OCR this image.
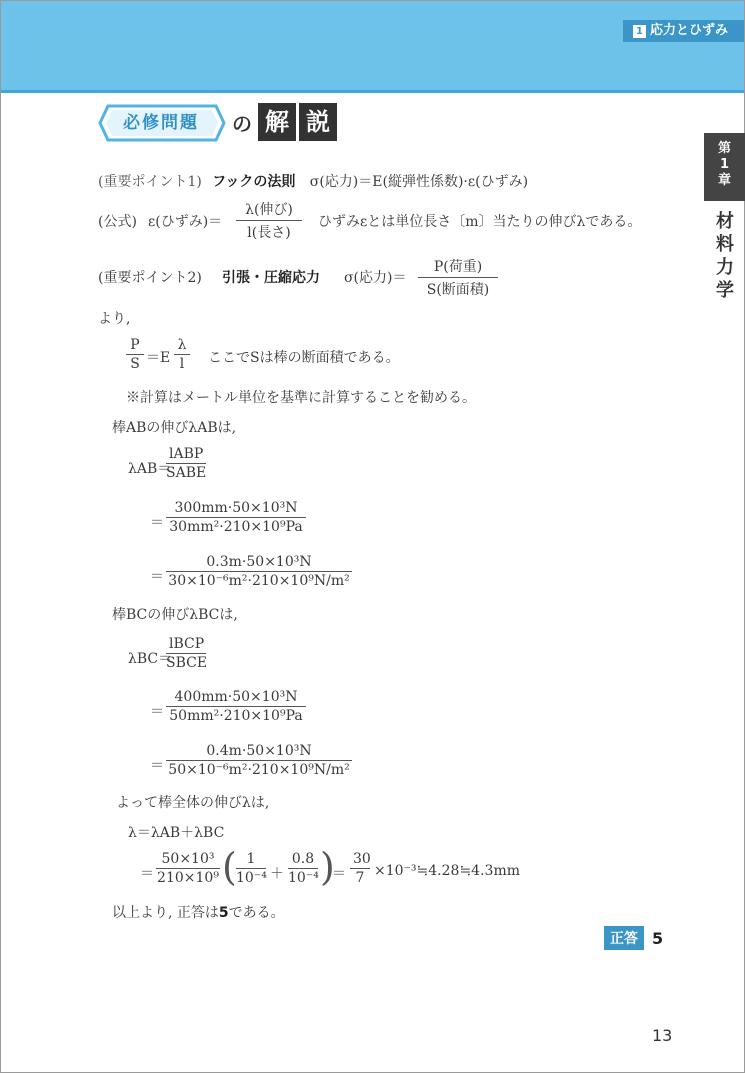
1 応力とひずみ
必修問題	の 解 説
第
1
章
材
料
力
学
(重要ポイント1) フックの法則 σ(応力)＝E(縦弾性係数)·ε(ひずみ)
(公式) ε(ひずみ)＝
λ(伸び)
l(長さ)
ひずみεとは単位長さ〔m〕当たりの伸びλである。
(重要ポイント2) 引張・圧縮応力 σ(応力)＝
P(荷重)
S(断面積)
より,
$\frac{P}{S} =E \frac{\lambda}{l}$ ここでSは棒の断面積である。
※計算はメートル単位を基準に計算することを勧める。
棒ABの伸びλABは,
λAB＝
lABP
SABE
＝ $\frac{\text{300mm·50×10³N}}{\text{30mm²·210×10⁹Pa}}$
＝ $\frac{\text{0.3m·50×10³N}}{\text{30×10⁻⁶m²·210×10⁹N/m²}}$
棒BCの伸びλBCは,
λBC＝
lBCP
SBCE
＝ $\frac{\text{400mm·50×10³N}}{\text{50mm²·210×10⁹Pa}}$
＝ $\frac{\text{0.4m·50×10³N}}{\text{50×10⁻⁶m²·210×10⁹N/m²}}$
よって棒全体の伸びλは,
λ＝λAB＋λBC
＝ $\frac{\text{50×10³}}{\text{210×10⁹}}$ ( $\frac{1}{\text{10⁻⁴}} + \frac{0.8}{\text{10⁻⁴}}$ )
＝ $\frac{30}{7}$ ×10⁻³≒4.28≒4.3mm
以上より, 正答は5である。
正答 5
13
